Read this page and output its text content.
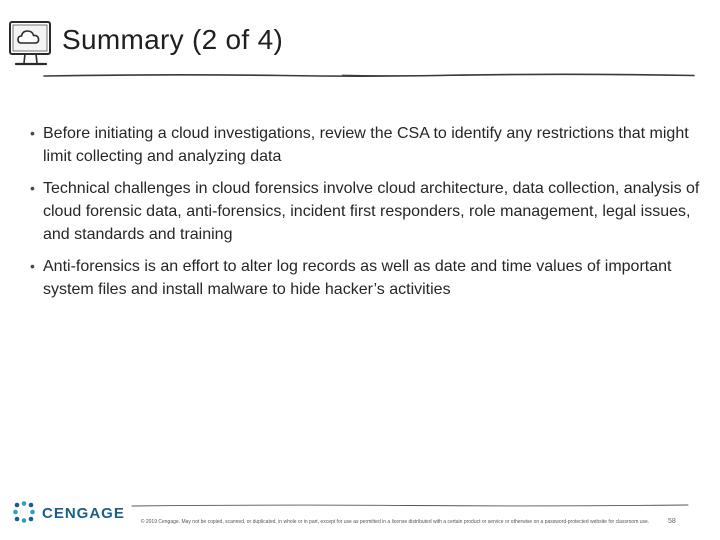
Summary (2 of 4)
• Before initiating a cloud investigations, review the CSA to identify any restrictions that might limit collecting and analyzing data
• Technical challenges in cloud forensics involve cloud architecture, data collection, analysis of cloud forensic data, anti-forensics, incident first responders, role management, legal issues, and standards and training
• Anti-forensics is an effort to alter log records as well as date and time values of important system files and install malware to hide hacker’s activities
CENGAGE	© 2019 Cengage. May not be copied, scanned, or duplicated, in whole or in part, except for use as permitted in a license distributed with a certain product or service or otherwise on a password-protected website for classroom use.	58
